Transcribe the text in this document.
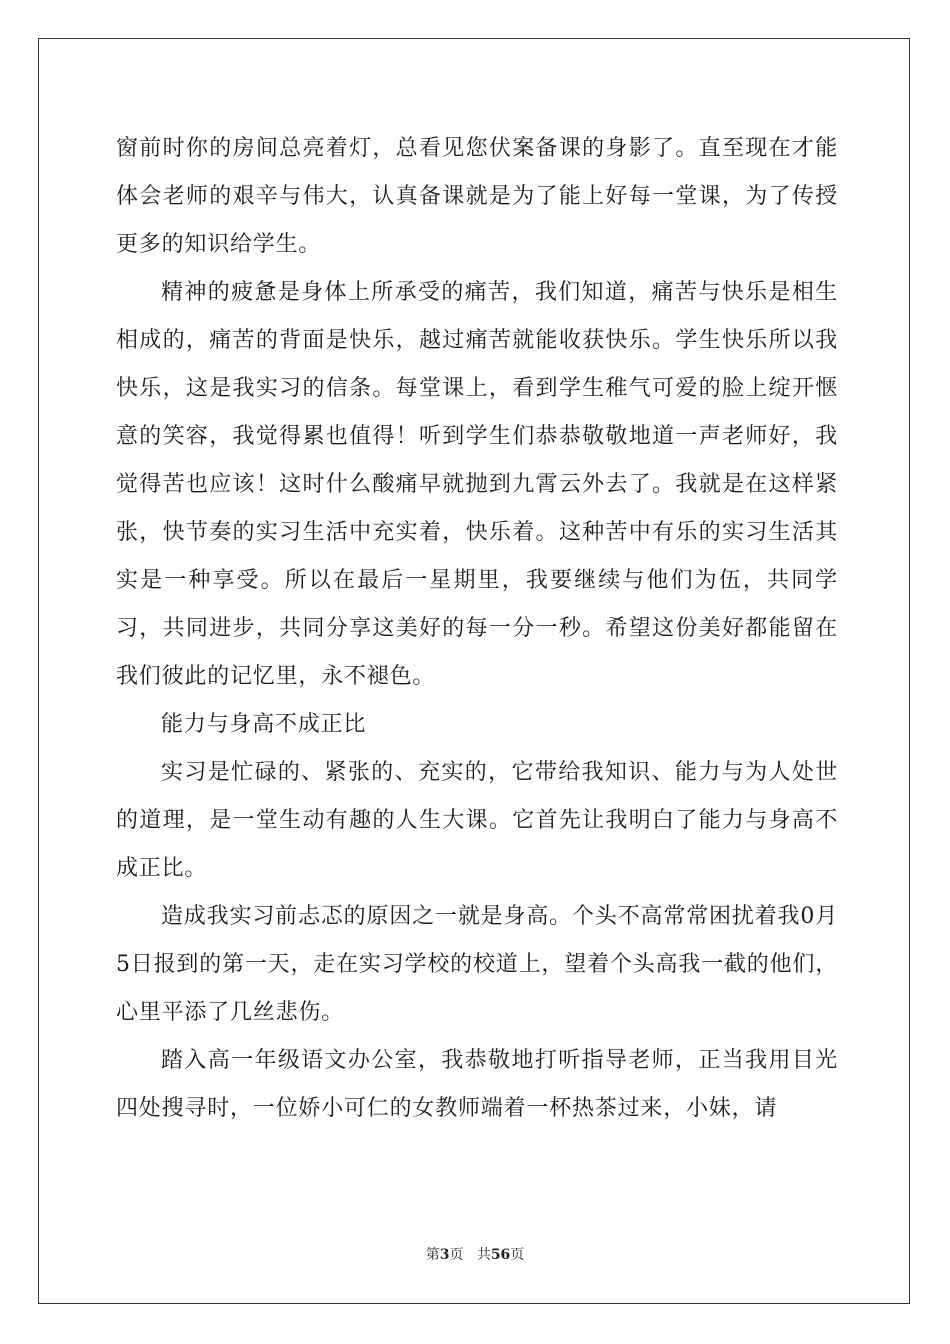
窗前时你的房间总亮着灯，总看见您伏案备课的身影了。直至现在才能体会老师的艰辛与伟大，认真备课就是为了能上好每一堂课，为了传授更多的知识给学生。

精神的疲惫是身体上所承受的痛苦，我们知道，痛苦与快乐是相生相成的，痛苦的背面是快乐，越过痛苦就能收获快乐。学生快乐所以我快乐，这是我实习的信条。每堂课上，看到学生稚气可爱的脸上绽开惬意的笑容，我觉得累也值得！听到学生们恭恭敬敬地道一声老师好，我觉得苦也应该！这时什么酸痛早就抛到九霄云外去了。我就是在这样紧张，快节奏的实习生活中充实着，快乐着。这种苦中有乐的实习生活其实是一种享受。所以在最后一星期里，我要继续与他们为伍，共同学习，共同进步，共同分享这美好的每一分一秒。希望这份美好都能留在我们彼此的记忆里，永不褪色。

能力与身高不成正比

实习是忙碌的、紧张的、充实的，它带给我知识、能力与为人处世的道理，是一堂生动有趣的人生大课。它首先让我明白了能力与身高不成正比。

造成我实习前忐忑的原因之一就是身高。个头不高常常困扰着我0月5日报到的第一天，走在实习学校的校道上，望着个头高我一截的他们，心里平添了几丝悲伤。

踏入高一年级语文办公室，我恭敬地打听指导老师，正当我用目光四处搜寻时，一位娇小可仁的女教师端着一杯热茶过来，小妹，请

第3页 共56页
